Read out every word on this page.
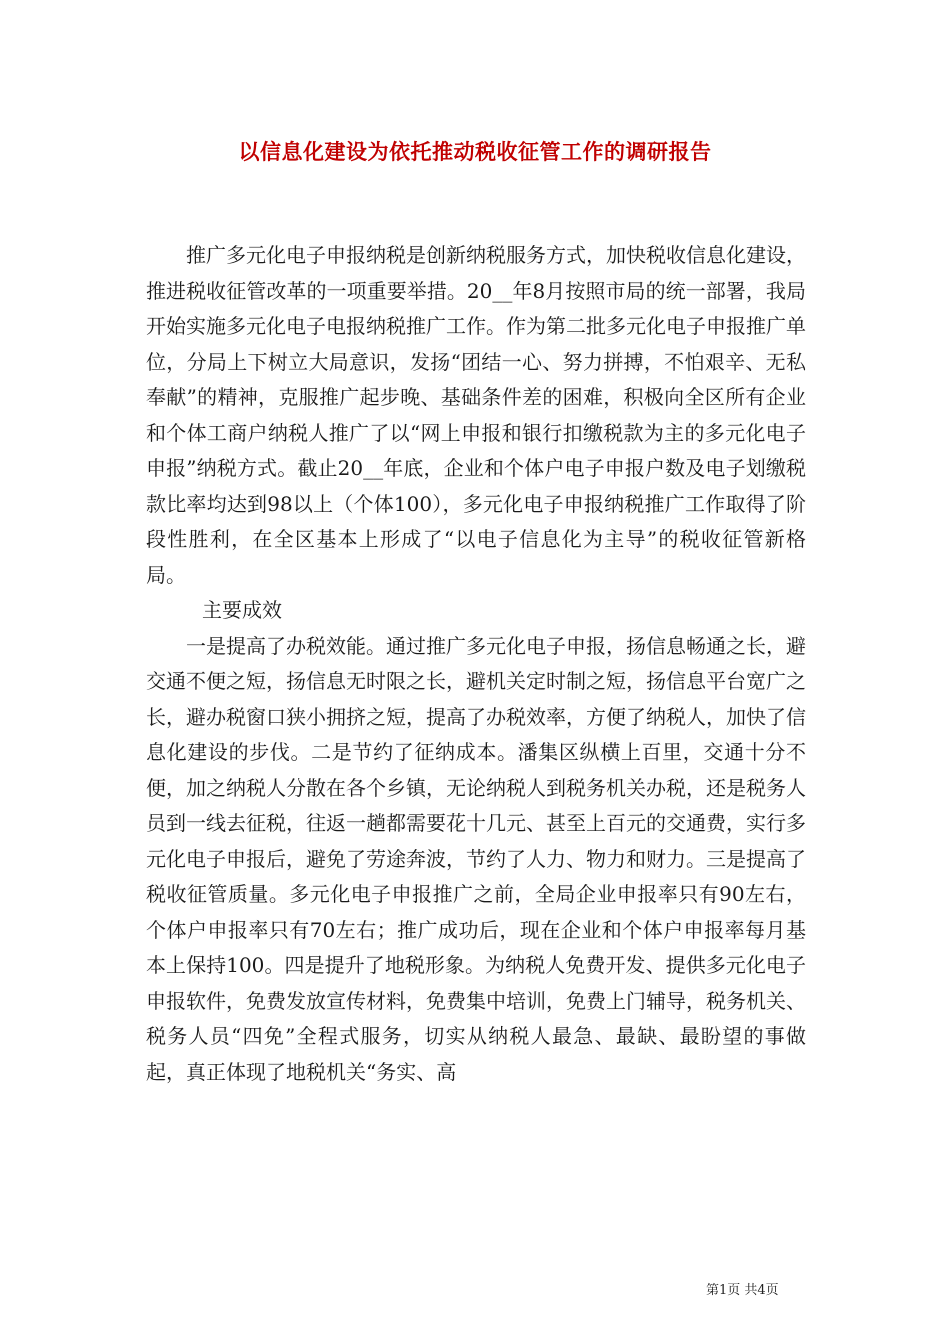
以信息化建设为依托推动税收征管工作的调研报告

推广多元化电子申报纳税是创新纳税服务方式，加快税收信息化建设，推进税收征管改革的一项重要举措。20__年8月按照市局的统一部署，我局开始实施多元化电子电报纳税推广工作。作为第二批多元化电子申报推广单位，分局上下树立大局意识，发扬“团结一心、努力拼搏，不怕艰辛、无私奉献”的精神，克服推广起步晚、基础条件差的困难，积极向全区所有企业和个体工商户纳税人推广了以“网上申报和银行扣缴税款为主的多元化电子申报”纳税方式。截止20__年底，企业和个体户电子申报户数及电子划缴税款比率均达到98以上（个体100），多元化电子申报纳税推广工作取得了阶段性胜利，在全区基本上形成了“以电子信息化为主导”的税收征管新格局。

主要成效

一是提高了办税效能。通过推广多元化电子申报，扬信息畅通之长，避交通不便之短，扬信息无时限之长，避机关定时制之短，扬信息平台宽广之长，避办税窗口狭小拥挤之短，提高了办税效率，方便了纳税人，加快了信息化建设的步伐。二是节约了征纳成本。潘集区纵横上百里，交通十分不便，加之纳税人分散在各个乡镇，无论纳税人到税务机关办税，还是税务人员到一线去征税，往返一趟都需要花十几元、甚至上百元的交通费，实行多元化电子申报后，避免了劳途奔波，节约了人力、物力和财力。三是提高了税收征管质量。多元化电子申报推广之前，全局企业申报率只有90左右，个体户申报率只有70左右；推广成功后，现在企业和个体户申报率每月基本上保持100。四是提升了地税形象。为纳税人免费开发、提供多元化电子申报软件，免费发放宣传材料，免费集中培训，免费上门辅导，税务机关、税务人员“四免”全程式服务，切实从纳税人最急、最缺、最盼望的事做起，真正体现了地税机关“务实、高

第1页 共4页
